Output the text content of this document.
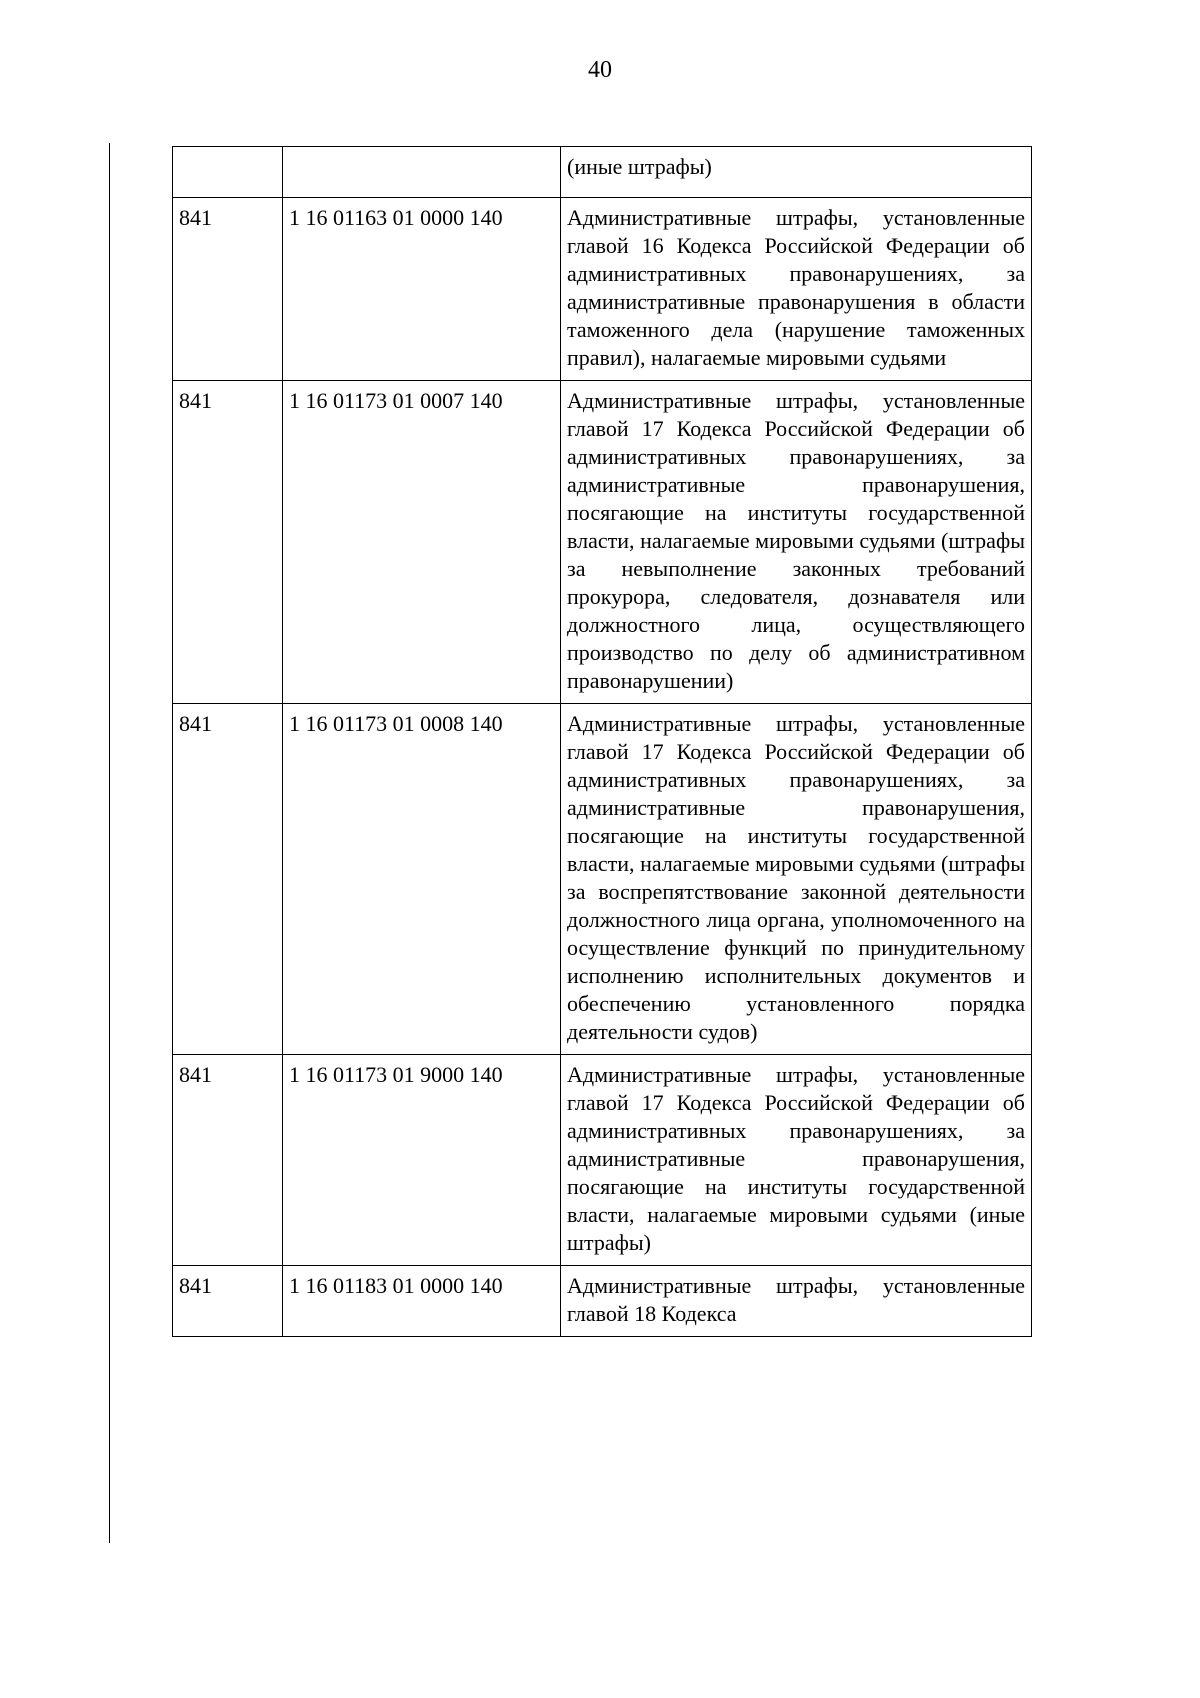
40
		(иные штрафы)
841	1 16 01163 01 0000 140	Административные штрафы, установленные главой 16 Кодекса Российской Федерации об административных правонарушениях, за административные правонарушения в области таможенного дела (нарушение таможенных правил), налагаемые мировыми судьями
841	1 16 01173 01 0007 140	Административные штрафы, установленные главой 17 Кодекса Российской Федерации об административных правонарушениях, за административные правонарушения, посягающие на институты государственной власти, налагаемые мировыми судьями (штрафы за невыполнение законных требований прокурора, следователя, дознавателя или должностного лица, осуществляющего производство по делу об административном правонарушении)
841	1 16 01173 01 0008 140	Административные штрафы, установленные главой 17 Кодекса Российской Федерации об административных правонарушениях, за административные правонарушения, посягающие на институты государственной власти, налагаемые мировыми судьями (штрафы за воспрепятствование законной деятельности должностного лица органа, уполномоченного на осуществление функций по принудительному исполнению исполнительных документов и обеспечению установленного порядка деятельности судов)
841	1 16 01173 01 9000 140	Административные штрафы, установленные главой 17 Кодекса Российской Федерации об административных правонарушениях, за административные правонарушения, посягающие на институты государственной власти, налагаемые мировыми судьями (иные штрафы)
841	1 16 01183 01 0000 140	Административные штрафы, установленные главой 18 Кодекса
